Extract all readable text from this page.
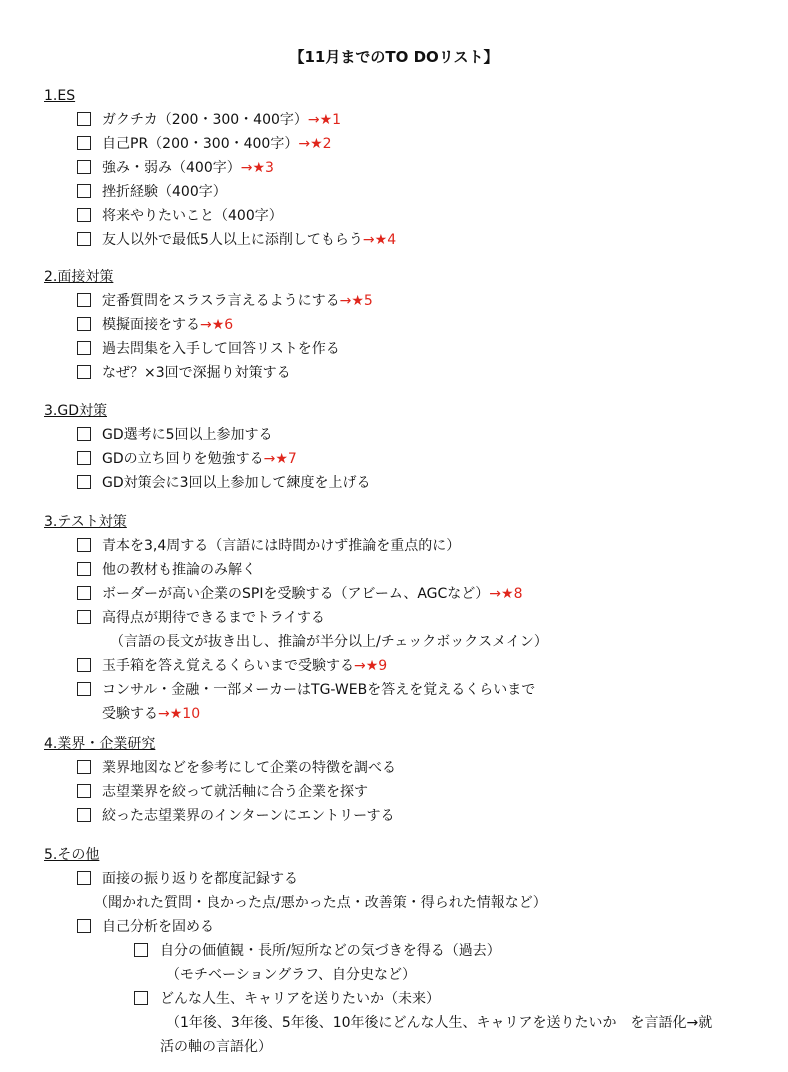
【11月までのTO DOリスト】
1.ES
ガクチカ（200・300・400字）→★1
自己PR（200・300・400字）→★2
強み・弱み（400字）→★3
挫折経験（400字）
将来やりたいこと（400字）
友人以外で最低5人以上に添削してもらう→★4
2.面接対策
定番質問をスラスラ言えるようにする→★5
模擬面接をする→★6
過去問集を入手して回答リストを作る
なぜ？×3回で深掘り対策する
3.GD対策
GD選考に5回以上参加する
GDの立ち回りを勉強する→★7
GD対策会に3回以上参加して練度を上げる
3.テスト対策
青本を3,4周する（言語には時間かけず推論を重点的に）
他の教材も推論のみ解く
ボーダーが高い企業のSPIを受験する（アビーム、AGCなど）→★8
高得点が期待できるまでトライする
（言語の長文が抜き出し、推論が半分以上/チェックボックスメイン）
玉手箱を答え覚えるくらいまで受験する→★9
コンサル・金融・一部メーカーはTG-WEBを答えを覚えるくらいまで
受験する→★10
4.業界・企業研究
業界地図などを参考にして企業の特徴を調べる
志望業界を絞って就活軸に合う企業を探す
絞った志望業界のインターンにエントリーする
5.その他
面接の振り返りを都度記録する
（聞かれた質問・良かった点/悪かった点・改善策・得られた情報など）
自己分析を固める
自分の価値観・長所/短所などの気づきを得る（過去）
（モチベーショングラフ、自分史など）
どんな人生、キャリアを送りたいか（未来）
（1年後、3年後、5年後、10年後にどんな人生、キャリアを送りたいか　を言語化→就
活の軸の言語化）
